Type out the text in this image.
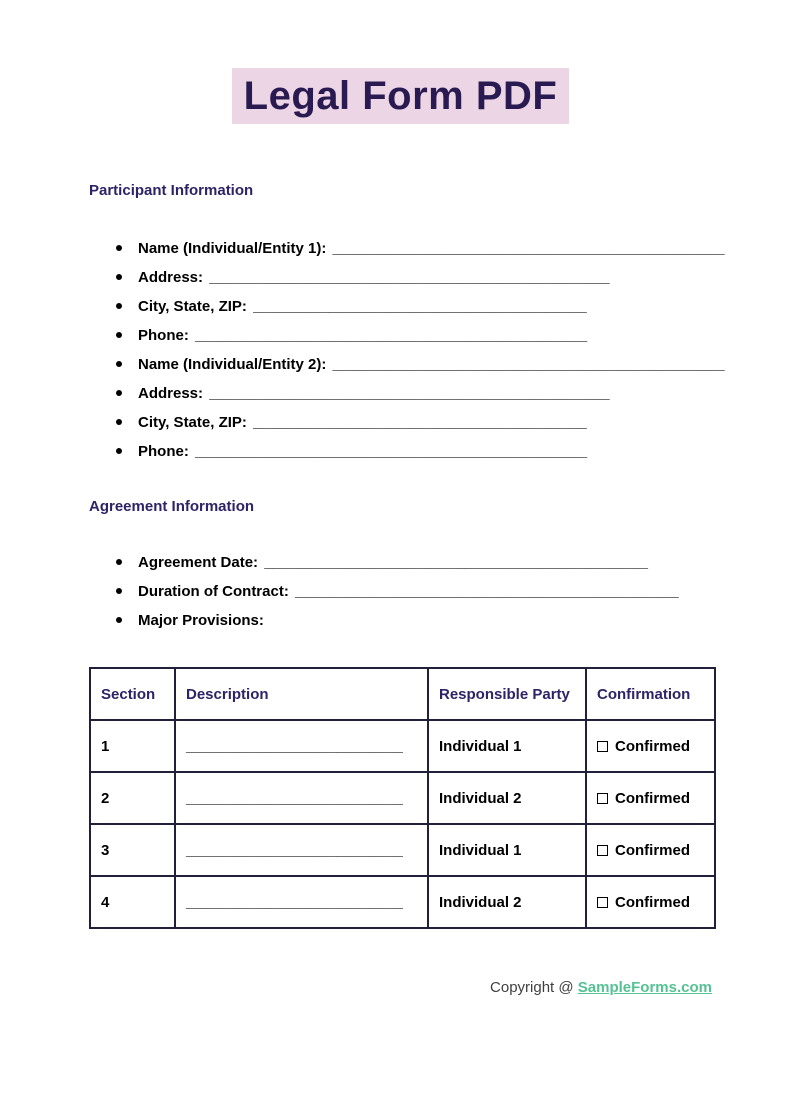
Legal Form PDF
Participant Information
Name (Individual/Entity 1): _______________________________________________
Address: ________________________________________________
City, State, ZIP: ________________________________________
Phone: _______________________________________________
Name (Individual/Entity 2): _______________________________________________
Address: ________________________________________________
City, State, ZIP: ________________________________________
Phone: _______________________________________________
Agreement Information
Agreement Date: ______________________________________________
Duration of Contract: ______________________________________________
Major Provisions:
Section	Description	Responsible Party	Confirmation
1	__________________________	Individual 1	Confirmed
2	__________________________	Individual 2	Confirmed
3	__________________________	Individual 1	Confirmed
4	__________________________	Individual 2	Confirmed
Copyright @ SampleForms.com
